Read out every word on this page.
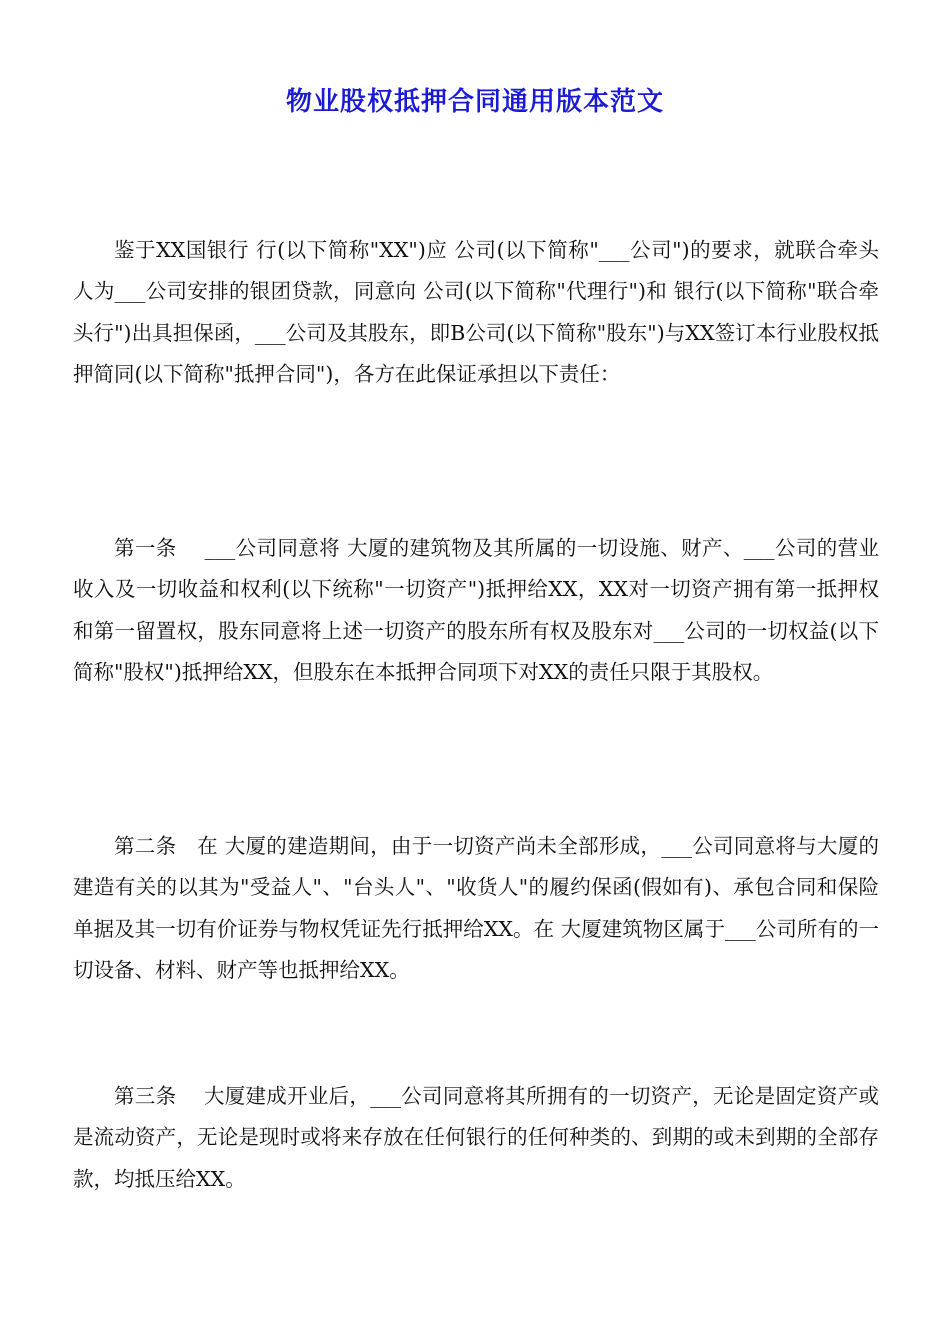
物业股权抵押合同通用版本范文

鉴于XX国银行 行(以下简称"XX")应 公司(以下简称"___公司")的要求，就联合牵头人为___公司安排的银团贷款，同意向 公司(以下简称"代理行")和 银行(以下简称"联合牵头行")出具担保函，___公司及其股东，即B公司(以下简称"股东")与XX签订本行业股权抵押简同(以下简称"抵押合同")，各方在此保证承担以下责任：

第一条　 ___公司同意将 大厦的建筑物及其所属的一切设施、财产、___公司的营业收入及一切收益和权利(以下统称"一切资产")抵押给XX，XX对一切资产拥有第一抵押权和第一留置权，股东同意将上述一切资产的股东所有权及股东对___公司的一切权益(以下简称"股权")抵押给XX，但股东在本抵押合同项下对XX的责任只限于其股权。

第二条　在 大厦的建造期间，由于一切资产尚未全部形成，___公司同意将与大厦的建造有关的以其为"受益人"、"台头人"、"收货人"的履约保函(假如有)、承包合同和保险单据及其一切有价证券与物权凭证先行抵押给XX。在 大厦建筑物区属于___公司所有的一切设备、材料、财产等也抵押给XX。

第三条　 大厦建成开业后，___公司同意将其所拥有的一切资产，无论是固定资产或是流动资产，无论是现时或将来存放在任何银行的任何种类的、到期的或未到期的全部存款，均抵压给XX。
